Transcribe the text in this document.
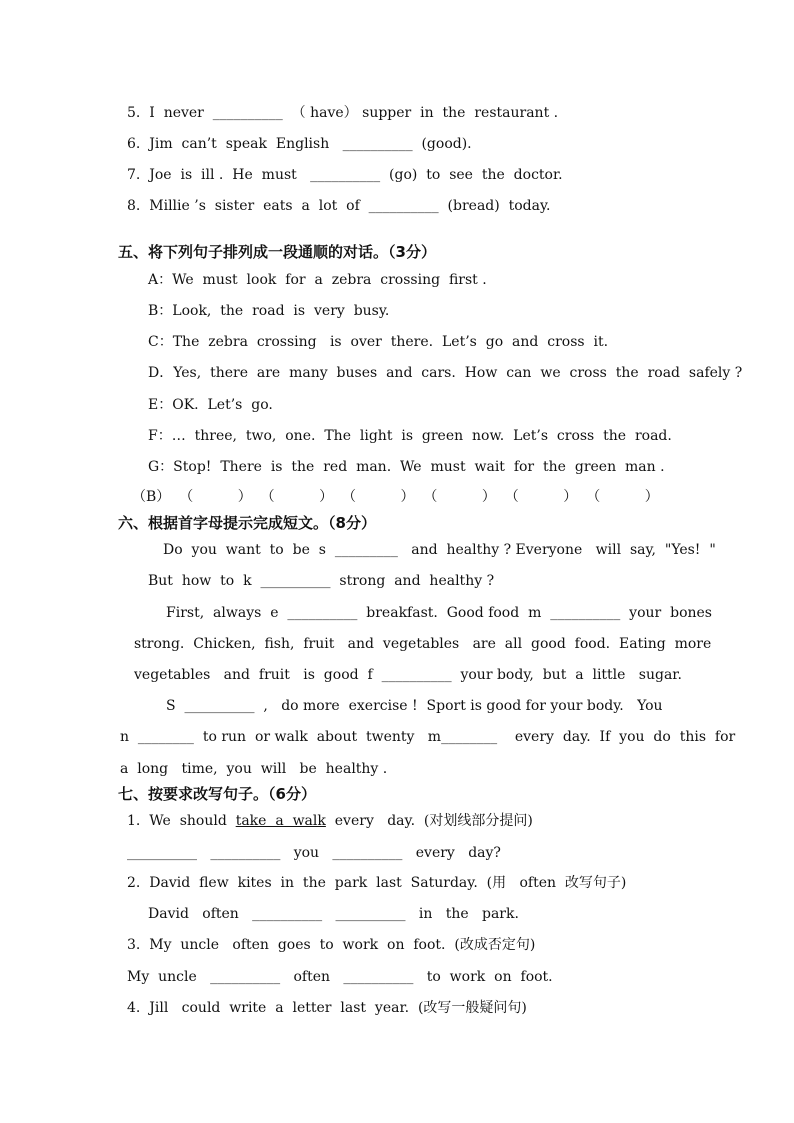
5.  I  never  __________  （ have） supper  in  the  restaurant .
6.  Jim  can’t  speak  English   __________  (good).
7.  Joe  is  ill .  He  must   __________  (go)  to  see  the  doctor.
8.  Millie ’s  sister  eats  a  lot  of  __________  (bread)  today.
五、将下列句子排列成一段通顺的对话。（3分）
A：We  must  look  for  a  zebra  crossing  first .
B：Look,  the  road  is  very  busy.
C：The  zebra  crossing   is  over  there.  Let’s  go  and  cross  it.
D．Yes,  there  are  many  buses  and  cars.  How  can  we  cross  the  road  safely ?
E：OK.  Let’s  go.
F：…  three,  two,  one.  The  light  is  green  now.  Let’s  cross  the  road.
G：Stop!  There  is  the  red  man.  We  must  wait  for  the  green  man .
（B）  （          ）  （          ）  （          ）  （          ）  （          ）  （          ）
六、根据首字母提示完成短文。（8分）
Do  you  want  to  be  s  _________   and  healthy ? Everyone   will  say,  "Yes!  "
But  how  to  k  __________  strong  and  healthy ?
First,  always  e  __________  breakfast.  Good food  m  __________  your  bones
strong.  Chicken,  fish,  fruit   and  vegetables   are  all  good  food.  Eating  more
vegetables   and  fruit   is  good  f  __________  your body,  but  a  little   sugar.
S  __________  ,   do more  exercise !  Sport is good for your body.   You
n  ________  to run  or walk  about  twenty   m________    every  day.  If  you  do  this  for
a  long   time,  you  will   be  healthy .
七、按要求改写句子。（6分）
1.  We  should  take  a  walk  every   day.  (对划线部分提问)
__________   __________   you   __________   every   day?
2.  David  flew  kites  in  the  park  last  Saturday.  (用   often  改写句子)
David   often   __________   __________   in   the   park.
3.  My  uncle   often  goes  to  work  on  foot.  (改成否定句)
My  uncle   __________   often   __________   to  work  on  foot.
4.  Jill   could  write  a  letter  last  year.  (改写一般疑问句)
